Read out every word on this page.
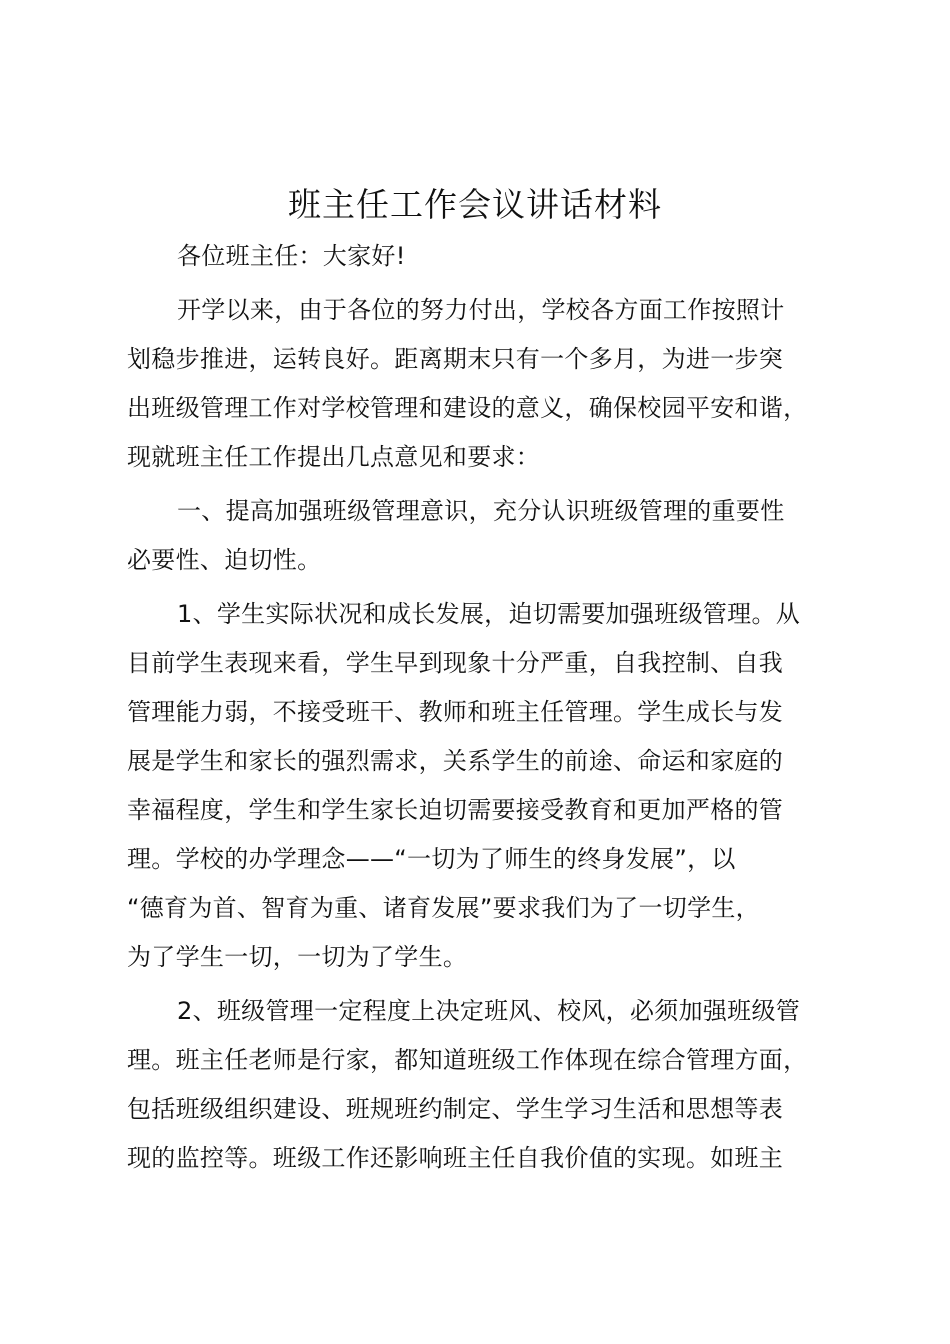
班主任工作会议讲话材料
各位班主任：大家好!
开学以来，由于各位的努力付出，学校各方面工作按照计
划稳步推进，运转良好。距离期末只有一个多月，为进一步突
出班级管理工作对学校管理和建设的意义，确保校园平安和谐，
现就班主任工作提出几点意见和要求：
一、提高加强班级管理意识，充分认识班级管理的重要性
必要性、迫切性。
1、学生实际状况和成长发展，迫切需要加强班级管理。从
目前学生表现来看，学生早到现象十分严重，自我控制、自我
管理能力弱，不接受班干、教师和班主任管理。学生成长与发
展是学生和家长的强烈需求，关系学生的前途、命运和家庭的
幸福程度，学生和学生家长迫切需要接受教育和更加严格的管
理。学校的办学理念——“一切为了师生的终身发展”，以
“德育为首、智育为重、诸育发展”要求我们为了一切学生，
为了学生一切，一切为了学生。
2、班级管理一定程度上决定班风、校风，必须加强班级管
理。班主任老师是行家，都知道班级工作体现在综合管理方面，
包括班级组织建设、班规班约制定、学生学习生活和思想等表
现的监控等。班级工作还影响班主任自我价值的实现。如班主
